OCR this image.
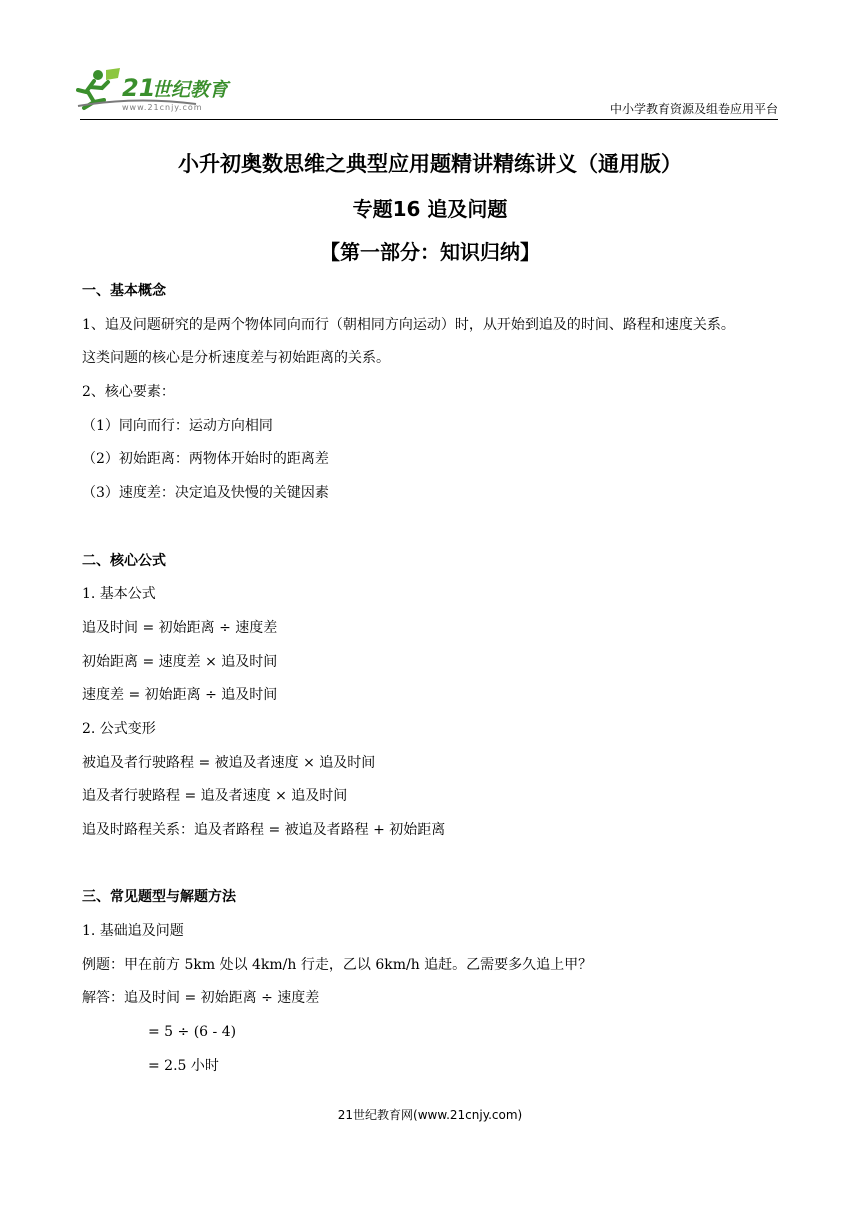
21
世纪教育
www.21cnjy.com	中小学教育资源及组卷应用平台
小升初奥数思维之典型应用题精讲精练讲义（通用版）
专题16 追及问题
【第一部分：知识归纳】
一、基本概念
1、追及问题研究的是两个物体同向而行（朝相同方向运动）时，从开始到追及的时间、路程和速度关系。
这类问题的核心是分析速度差与初始距离的关系。
2、核心要素：
（1）同向而行：运动方向相同
（2）初始距离：两物体开始时的距离差
（3）速度差：决定追及快慢的关键因素
二、核心公式
1. 基本公式
追及时间 = 初始距离 ÷ 速度差
初始距离 = 速度差 × 追及时间
速度差 = 初始距离 ÷ 追及时间
2. 公式变形
被追及者行驶路程 = 被追及者速度 × 追及时间
追及者行驶路程 = 追及者速度 × 追及时间
追及时路程关系：追及者路程 = 被追及者路程 + 初始距离
三、常见题型与解题方法
1. 基础追及问题
例题：甲在前方 5km 处以 4km/h 行走，乙以 6km/h 追赶。乙需要多久追上甲？
解答：追及时间 = 初始距离 ÷ 速度差
= 5 ÷ (6 - 4)
= 2.5 小时
21世纪教育网(www.21cnjy.com)
